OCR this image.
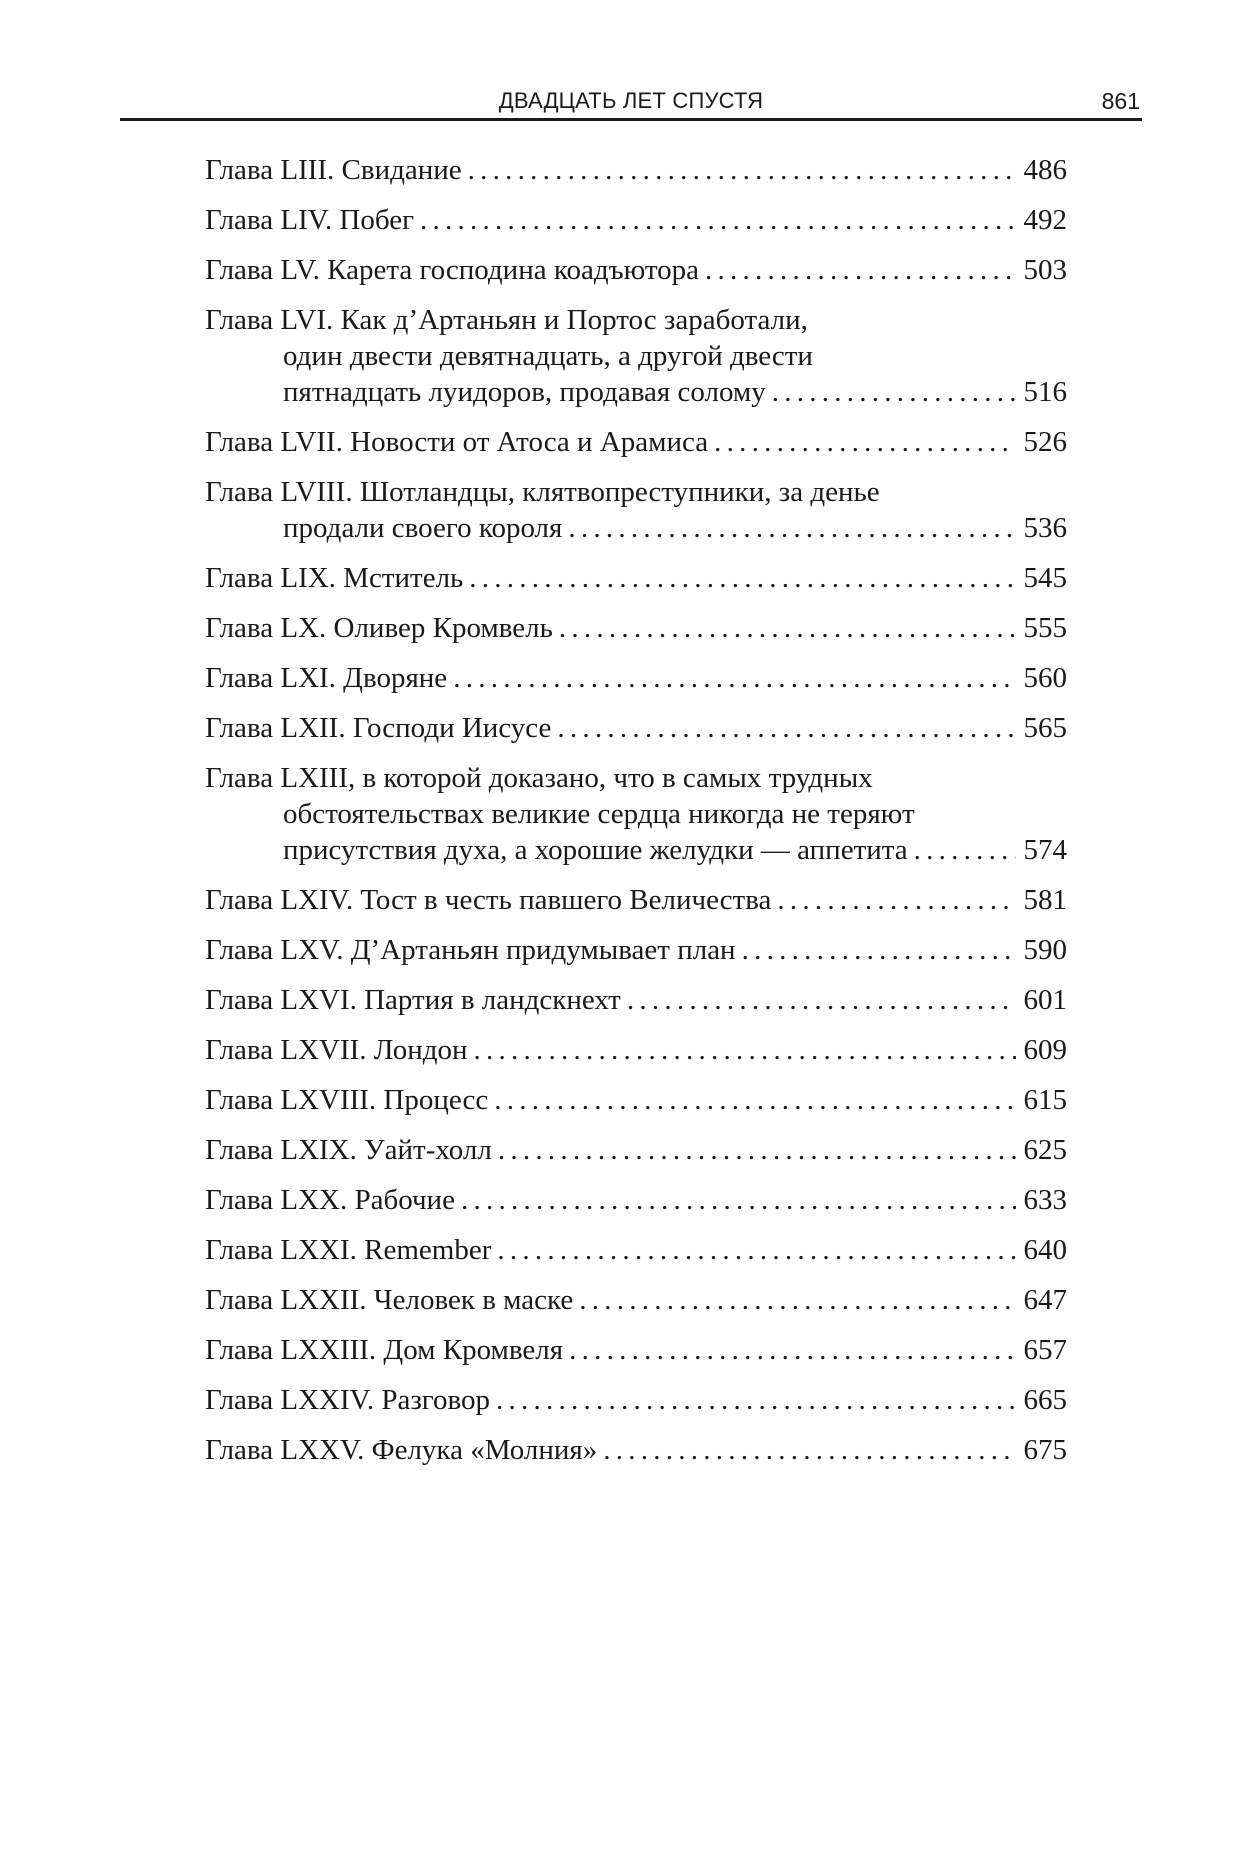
ДВАДЦАТЬ ЛЕТ СПУСТЯ	861
Глава LIII. Свидание . . .	486
Глава LIV. Побег . . .	492
Глава LV. Карета господина коадъютора . . .	503
Глава LVI. Как д’Артаньян и Портос заработали,
один двести девятнадцать, а другой двести
пятнадцать луидоров, продавая солому . . .	516
Глава LVII. Новости от Атоса и Арамиса . . .	526
Глава LVIII. Шотландцы, клятвопреступники, за денье
продали своего короля . . .	536
Глава LIX. Мститель . . .	545
Глава LX. Оливер Кромвель . . .	555
Глава LXI. Дворяне . . .	560
Глава LXII. Господи Иисусе . . .	565
Глава LXIII, в которой доказано, что в самых трудных
обстоятельствах великие сердца никогда не теряют
присутствия духа, а хорошие желудки — аппетита . . .	574
Глава LXIV. Тост в честь павшего Величества . . .	581
Глава LXV. Д’Артаньян придумывает план . . .	590
Глава LXVI. Партия в ландскнехт . . .	601
Глава LXVII. Лондон . . .	609
Глава LXVIII. Процесс . . .	615
Глава LXIX. Уайт-холл . . .	625
Глава LXX. Рабочие . . .	633
Глава LXXI. Remember . . .	640
Глава LXXII. Человек в маске . . .	647
Глава LXXIII. Дом Кромвеля . . .	657
Глава LXXIV. Разговор . . .	665
Глава LXXV. Фелука «Молния» . . .	675
